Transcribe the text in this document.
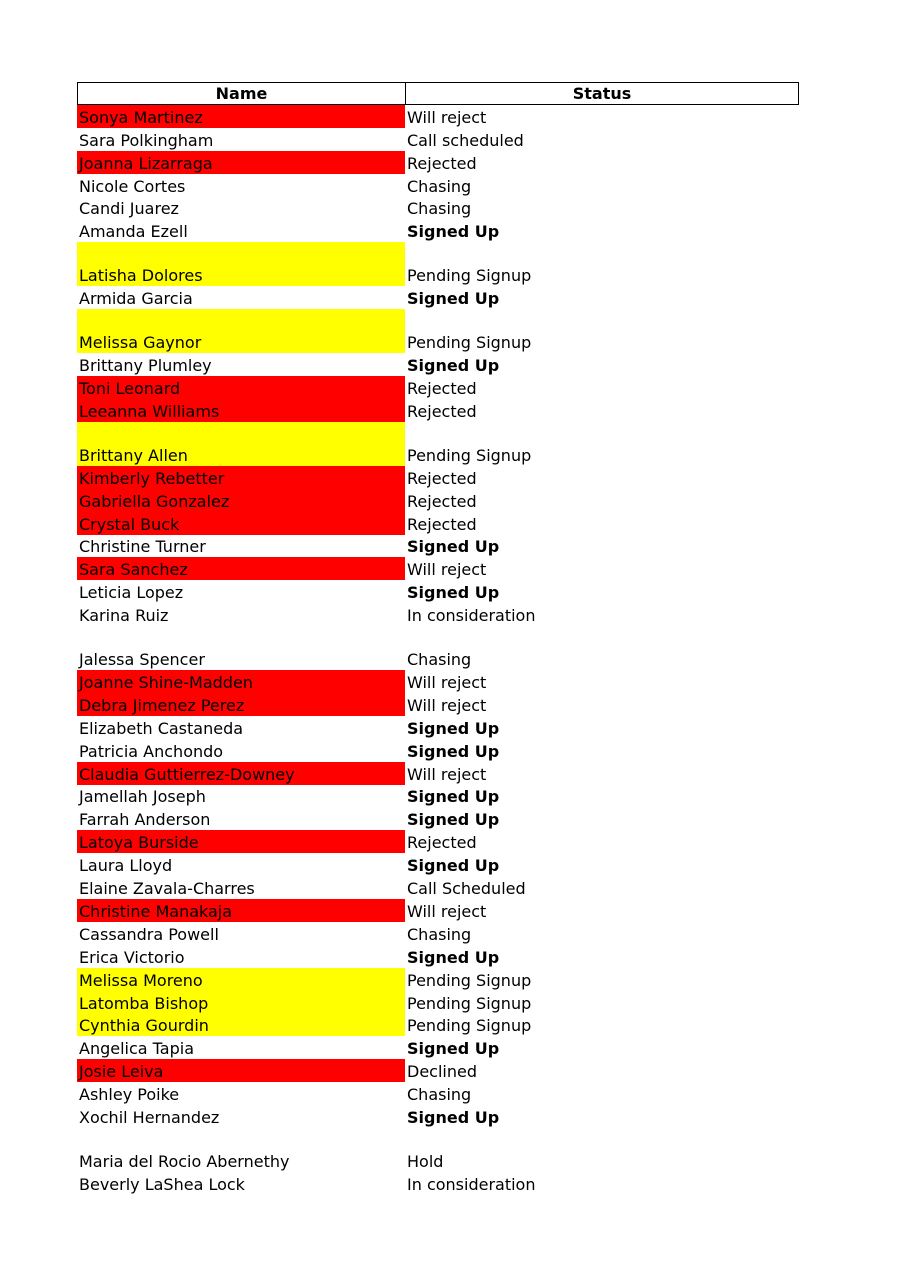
Name	Status
Sonya Martinez	Will reject
Sara Polkingham	Call scheduled
Joanna Lizarraga	Rejected
Nicole Cortes	Chasing
Candi Juarez	Chasing
Amanda Ezell	Signed Up
Latisha Dolores	Pending Signup
Armida Garcia	Signed Up
Melissa Gaynor	Pending Signup
Brittany Plumley	Signed Up
Toni Leonard	Rejected
Leeanna Williams	Rejected
Brittany Allen	Pending Signup
Kimberly Rebetter	Rejected
Gabriella Gonzalez	Rejected
Crystal Buck	Rejected
Christine Turner	Signed Up
Sara Sanchez	Will reject
Leticia Lopez	Signed Up
Karina Ruiz	In consideration
Jalessa Spencer	Chasing
Joanne Shine-Madden	Will reject
Debra Jimenez Perez	Will reject
Elizabeth Castaneda	Signed Up
Patricia Anchondo	Signed Up
Claudia Guttierrez-Downey	Will reject
Jamellah Joseph	Signed Up
Farrah Anderson	Signed Up
Latoya Burside	Rejected
Laura Lloyd	Signed Up
Elaine Zavala-Charres	Call Scheduled
Christine Manakaja	Will reject
Cassandra Powell	Chasing
Erica Victorio	Signed Up
Melissa Moreno	Pending Signup
Latomba Bishop	Pending Signup
Cynthia Gourdin	Pending Signup
Angelica Tapia	Signed Up
Josie Leiva	Declined
Ashley Poike	Chasing
Xochil Hernandez	Signed Up
Maria del Rocio Abernethy	Hold
Beverly LaShea Lock	In consideration
